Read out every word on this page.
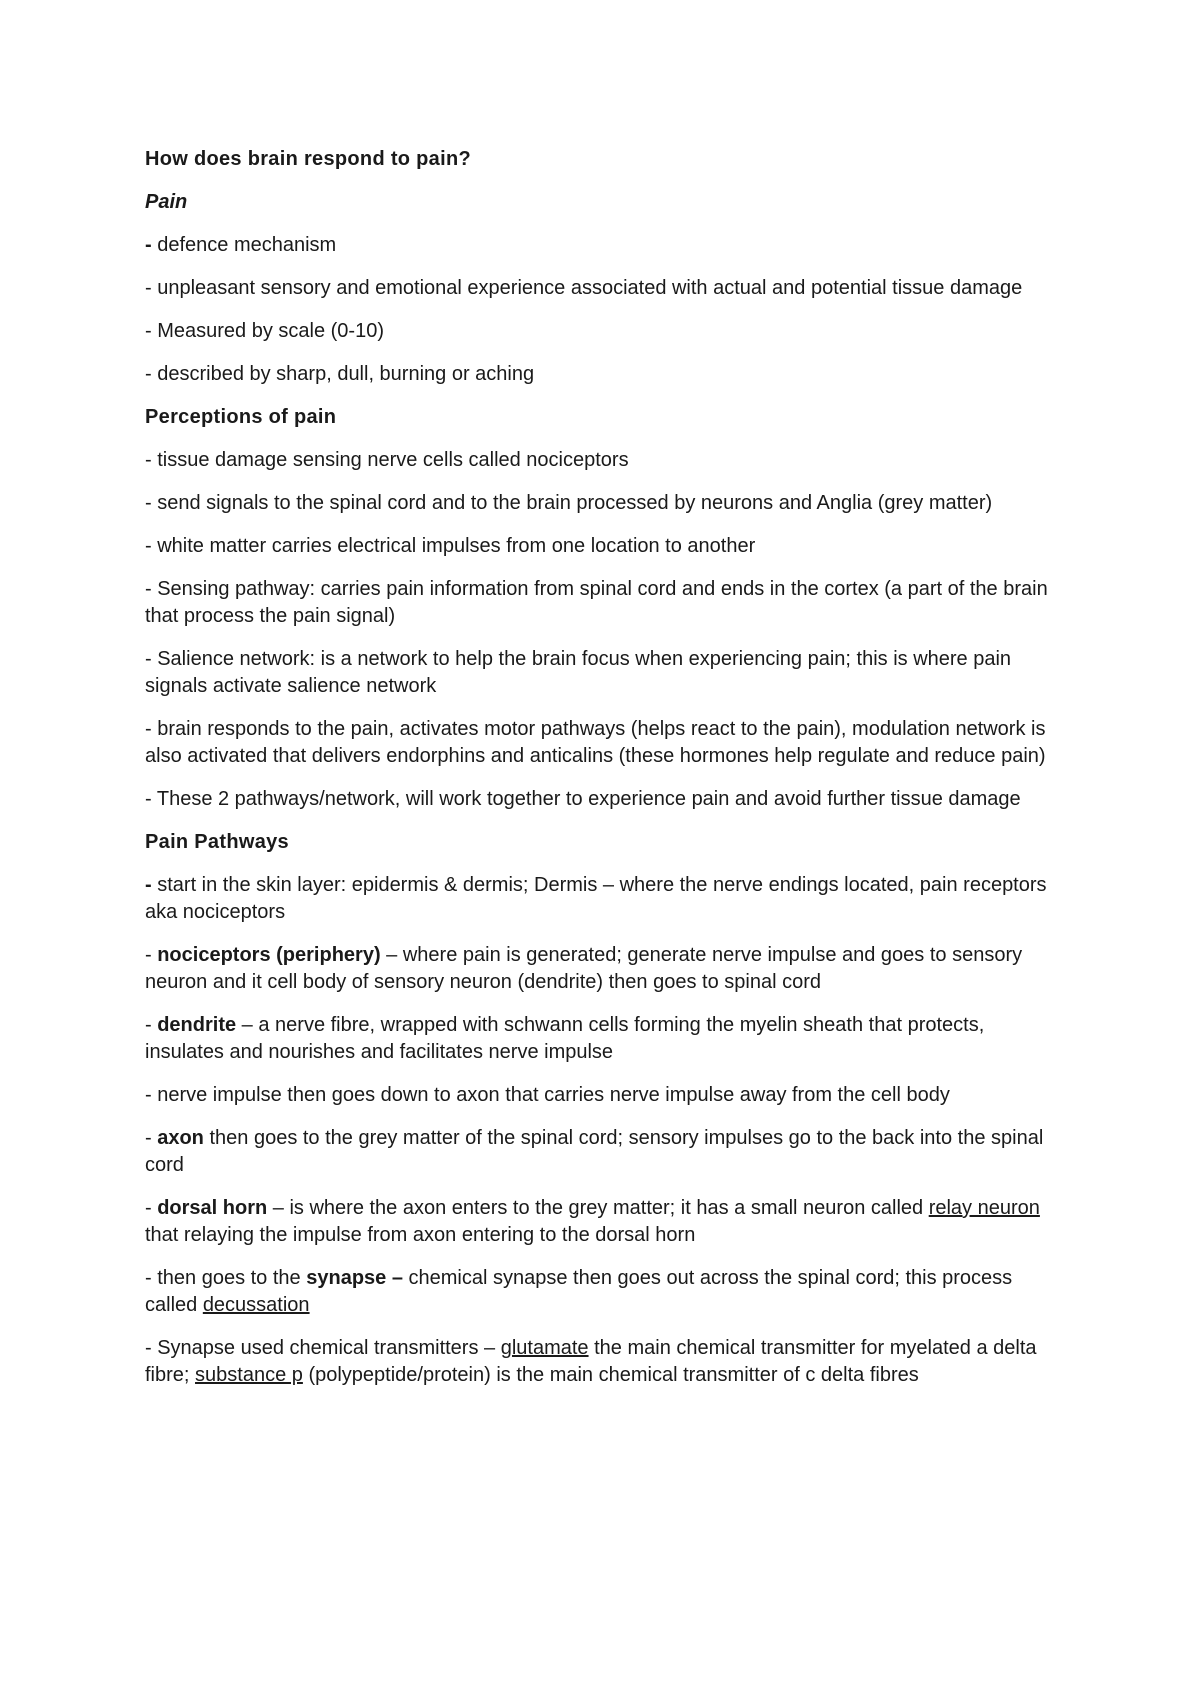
How does brain respond to pain?

Pain

- defence mechanism

- unpleasant sensory and emotional experience associated with actual and potential tissue damage

- Measured by scale (0-10)

- described by sharp, dull, burning or aching

Perceptions of pain

- tissue damage sensing nerve cells called nociceptors

- send signals to the spinal cord and to the brain processed by neurons and Anglia (grey matter)

- white matter carries electrical impulses from one location to another

- Sensing pathway: carries pain information from spinal cord and ends in the cortex (a part of the brain that process the pain signal)

- Salience network: is a network to help the brain focus when experiencing pain; this is where pain signals activate salience network

- brain responds to the pain, activates motor pathways (helps react to the pain), modulation network is also activated that delivers endorphins and anticalins (these hormones help regulate and reduce pain)

- These 2 pathways/network, will work together to experience pain and avoid further tissue damage

Pain Pathways

- start in the skin layer: epidermis & dermis; Dermis – where the nerve endings located, pain receptors aka nociceptors

- nociceptors (periphery) – where pain is generated; generate nerve impulse and goes to sensory neuron and it cell body of sensory neuron (dendrite) then goes to spinal cord

- dendrite – a nerve fibre, wrapped with schwann cells forming the myelin sheath that protects, insulates and nourishes and facilitates nerve impulse

- nerve impulse then goes down to axon that carries nerve impulse away from the cell body

- axon then goes to the grey matter of the spinal cord; sensory impulses go to the back into the spinal cord

- dorsal horn – is where the axon enters to the grey matter; it has a small neuron called relay neuron that relaying the impulse from axon entering to the dorsal horn

- then goes to the synapse – chemical synapse then goes out across the spinal cord; this process called decussation

- Synapse used chemical transmitters – glutamate the main chemical transmitter for myelated a delta fibre; substance p (polypeptide/protein) is the main chemical transmitter of c delta fibres
